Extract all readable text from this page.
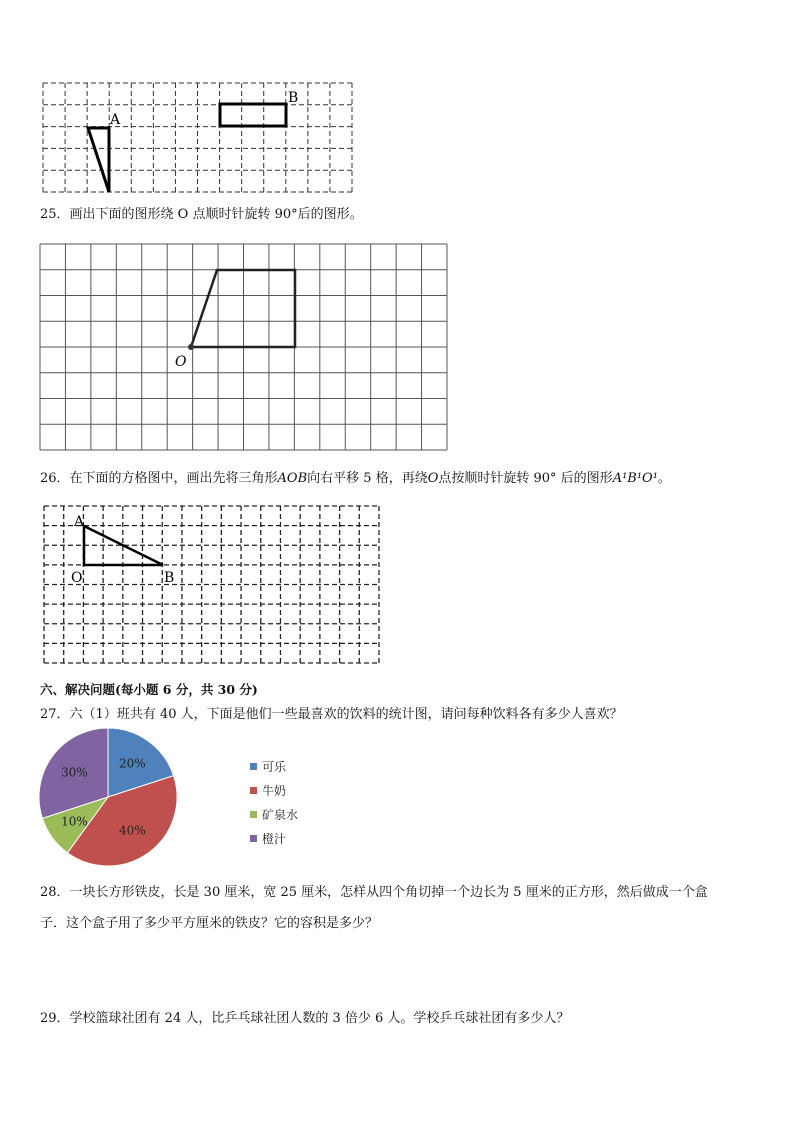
A
B
25．画出下面的图形绕 O 点顺时针旋转 90°后的图形。
O
26．在下面的方格图中，画出先将三角形AOB向右平移 5 格，再绕O点按顺时针旋转 90° 后的图形A¹B¹O¹。
A
O	B
六、解决问题(每小题 6 分，共 30 分)
27．六（1）班共有 40 人，下面是他们一些最喜欢的饮料的统计图，请问每种饮料各有多少人喜欢？
20%
40%
10%
30%	可乐
牛奶
矿泉水
橙汁
28．一块长方形铁皮，长是 30 厘米，宽 25 厘米，怎样从四个角切掉一个边长为 5 厘米的正方形，然后做成一个盒
子．这个盒子用了多少平方厘米的铁皮？它的容积是多少？
29．学校篮球社团有 24 人，比乒乓球社团人数的 3 倍少 6 人。学校乒乓球社团有多少人？
